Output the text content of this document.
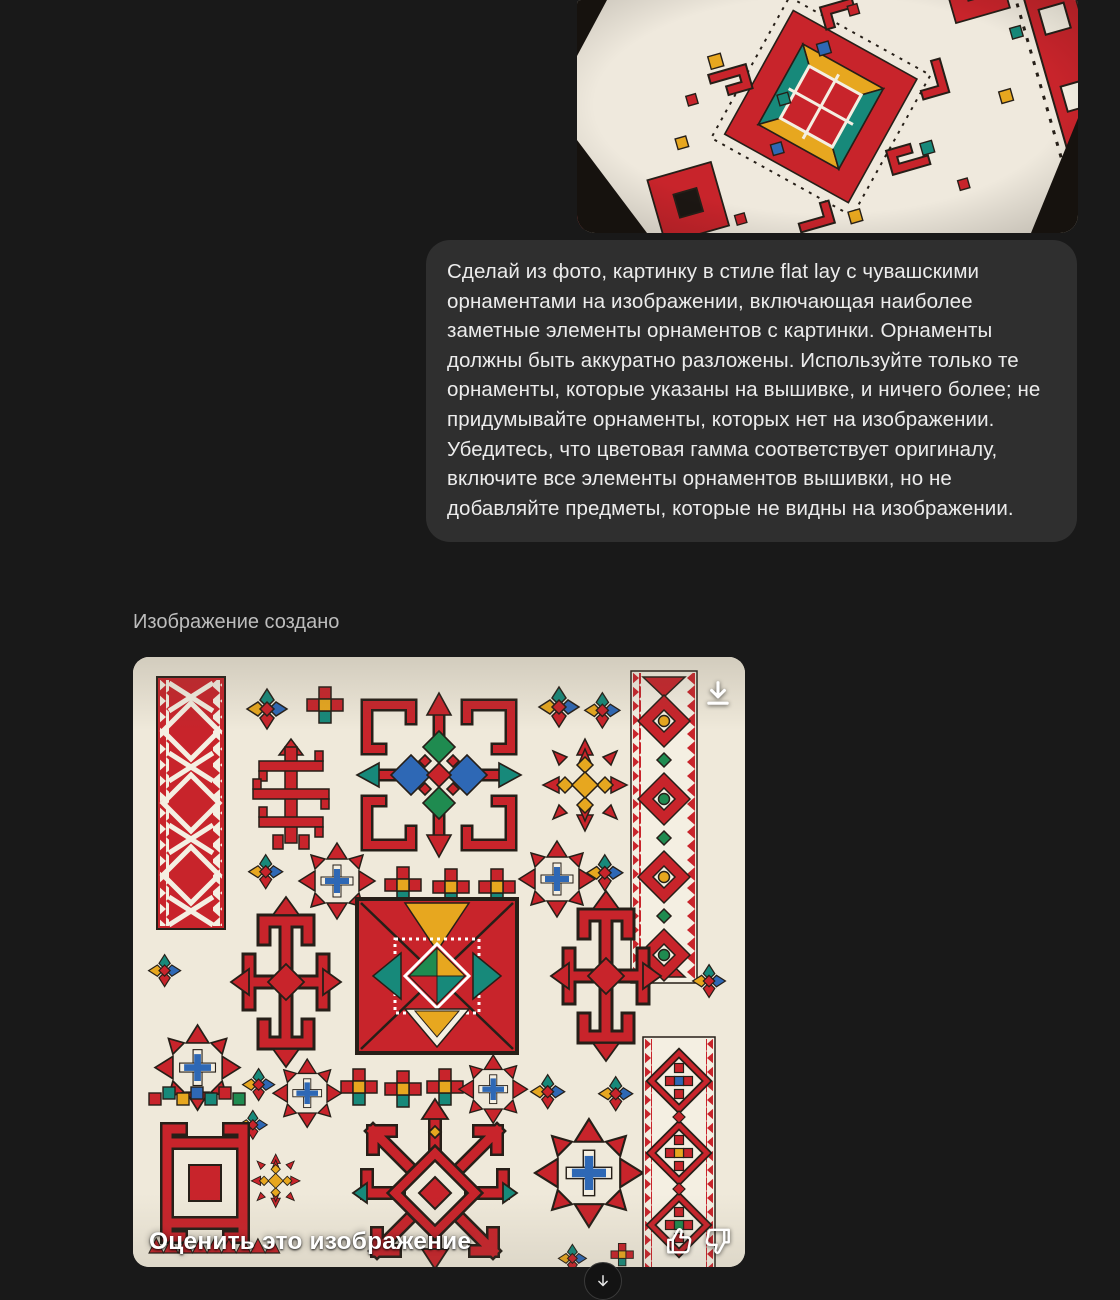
Сделай из фото, картинку в стиле flat lay с чувашскими орнаментами на изображении, включающая наиболее заметные элементы орнаментов с картинки. Орнаменты должны быть аккуратно разложены. Используйте только те орнаменты, которые указаны на вышивке, и ничего более; не придумывайте орнаменты, которых нет на изображении. Убедитесь, что цветовая гамма соответствует оригиналу, включите все элементы орнаментов вышивки, но не добавляйте предметы, которые не видны на изображении.
Изображение создано
Оценить это изображение
